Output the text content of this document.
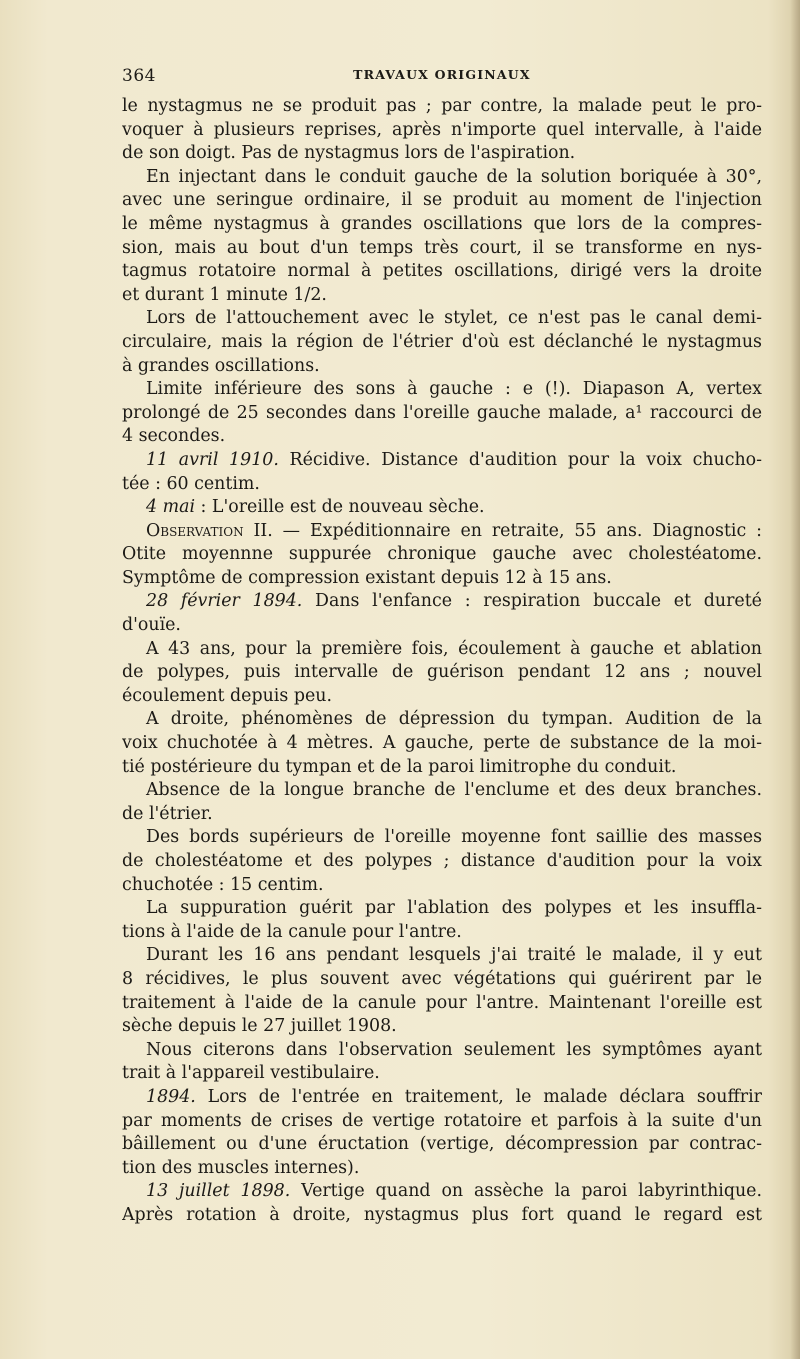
364	TRAVAUX ORIGINAUX
le nystagmus ne se produit pas ; par contre, la malade peut le pro-
voquer à plusieurs reprises, après n'importe quel intervalle, à l'aide
de son doigt. Pas de nystagmus lors de l'aspiration.
En injectant dans le conduit gauche de la solution boriquée à 30°,
avec une seringue ordinaire, il se produit au moment de l'injection
le même nystagmus à grandes oscillations que lors de la compres-
sion, mais au bout d'un temps très court, il se transforme en nys-
tagmus rotatoire normal à petites oscillations, dirigé vers la droite
et durant 1 minute 1/2.
Lors de l'attouchement avec le stylet, ce n'est pas le canal demi-
circulaire, mais la région de l'étrier d'où est déclanché le nystagmus
à grandes oscillations.
Limite inférieure des sons à gauche : e (!). Diapason A, vertex
prolongé de 25 secondes dans l'oreille gauche malade, a¹ raccourci de
4 secondes.
11 avril 1910. Récidive. Distance d'audition pour la voix chucho-
tée : 60 centim.
4 mai : L'oreille est de nouveau sèche.
Observation II. — Expéditionnaire en retraite, 55 ans. Diagnostic :
Otite moyennne suppurée chronique gauche avec cholestéatome.
Symptôme de compression existant depuis 12 à 15 ans.
28 février 1894. Dans l'enfance : respiration buccale et dureté
d'ouïe.
A 43 ans, pour la première fois, écoulement à gauche et ablation
de polypes, puis intervalle de guérison pendant 12 ans ; nouvel
écoulement depuis peu.
A droite, phénomènes de dépression du tympan. Audition de la
voix chuchotée à 4 mètres. A gauche, perte de substance de la moi-
tié postérieure du tympan et de la paroi limitrophe du conduit.
Absence de la longue branche de l'enclume et des deux branches.
de l'étrier.
Des bords supérieurs de l'oreille moyenne font saillie des masses
de cholestéatome et des polypes ; distance d'audition pour la voix
chuchotée : 15 centim.
La suppuration guérit par l'ablation des polypes et les insuffla-
tions à l'aide de la canule pour l'antre.
Durant les 16 ans pendant lesquels j'ai traité le malade, il y eut
8 récidives, le plus souvent avec végétations qui guérirent par le
traitement à l'aide de la canule pour l'antre. Maintenant l'oreille est
sèche depuis le 27 juillet 1908.
Nous citerons dans l'observation seulement les symptômes ayant
trait à l'appareil vestibulaire.
1894. Lors de l'entrée en traitement, le malade déclara souffrir
par moments de crises de vertige rotatoire et parfois à la suite d'un
bâillement ou d'une éructation (vertige, décompression par contrac-
tion des muscles internes).
13 juillet 1898. Vertige quand on assèche la paroi labyrinthique.
Après rotation à droite, nystagmus plus fort quand le regard est
